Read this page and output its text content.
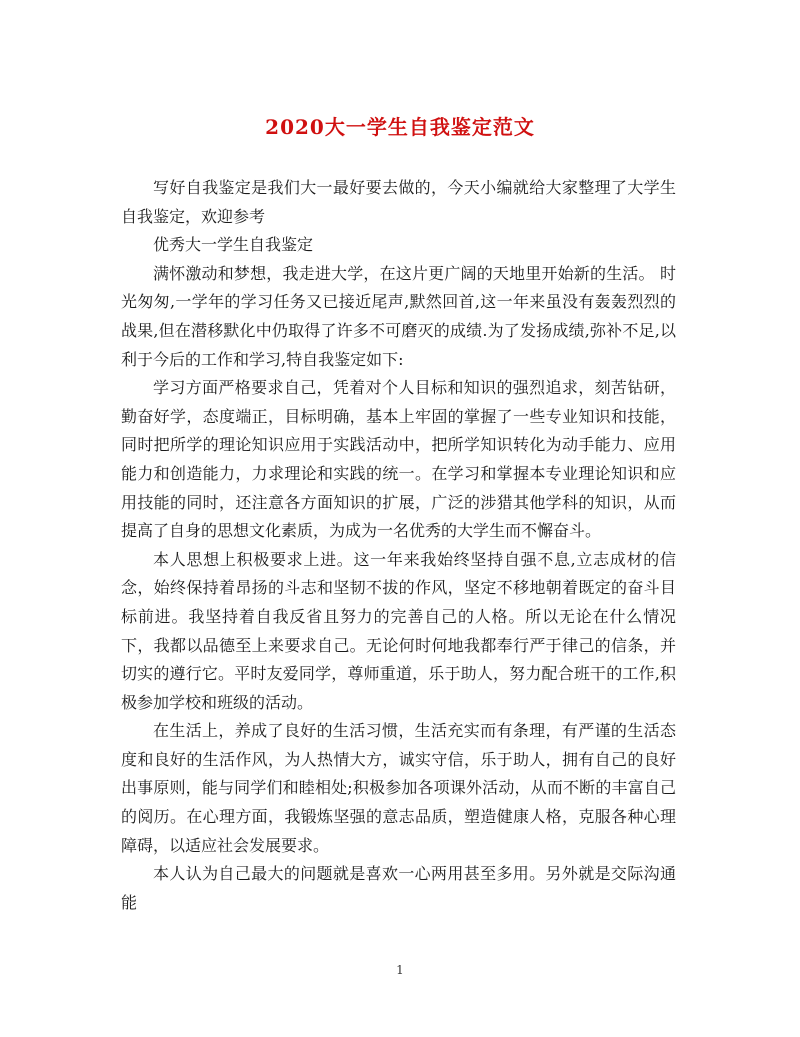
2020大一学生自我鉴定范文

写好自我鉴定是我们大一最好要去做的，今天小编就给大家整理了大学生自我鉴定，欢迎参考

优秀大一学生自我鉴定

满怀激动和梦想，我走进大学，在这片更广阔的天地里开始新的生活。 时光匆匆,一学年的学习任务又已接近尾声,默然回首,这一年来虽没有轰轰烈烈的战果,但在潜移默化中仍取得了许多不可磨灭的成绩.为了发扬成绩,弥补不足,以利于今后的工作和学习,特自我鉴定如下:

学习方面严格要求自己，凭着对个人目标和知识的强烈追求，刻苦钻研，勤奋好学，态度端正，目标明确，基本上牢固的掌握了一些专业知识和技能，同时把所学的理论知识应用于实践活动中，把所学知识转化为动手能力、应用能力和创造能力，力求理论和实践的统一。在学习和掌握本专业理论知识和应用技能的同时，还注意各方面知识的扩展，广泛的涉猎其他学科的知识，从而提高了自身的思想文化素质，为成为一名优秀的大学生而不懈奋斗。

本人思想上积极要求上进。这一年来我始终坚持自强不息,立志成材的信念，始终保持着昂扬的斗志和坚韧不拔的作风，坚定不移地朝着既定的奋斗目标前进。我坚持着自我反省且努力的完善自己的人格。所以无论在什么情况下，我都以品德至上来要求自己。无论何时何地我都奉行严于律己的信条，并切实的遵行它。平时友爱同学，尊师重道，乐于助人，努力配合班干的工作,积极参加学校和班级的活动。

在生活上，养成了良好的生活习惯，生活充实而有条理，有严谨的生活态度和良好的生活作风，为人热情大方，诚实守信，乐于助人，拥有自己的良好出事原则，能与同学们和睦相处;积极参加各项课外活动，从而不断的丰富自己的阅历。在心理方面，我锻炼坚强的意志品质，塑造健康人格，克服各种心理障碍，以适应社会发展要求。

本人认为自己最大的问题就是喜欢一心两用甚至多用。另外就是交际沟通能

1
